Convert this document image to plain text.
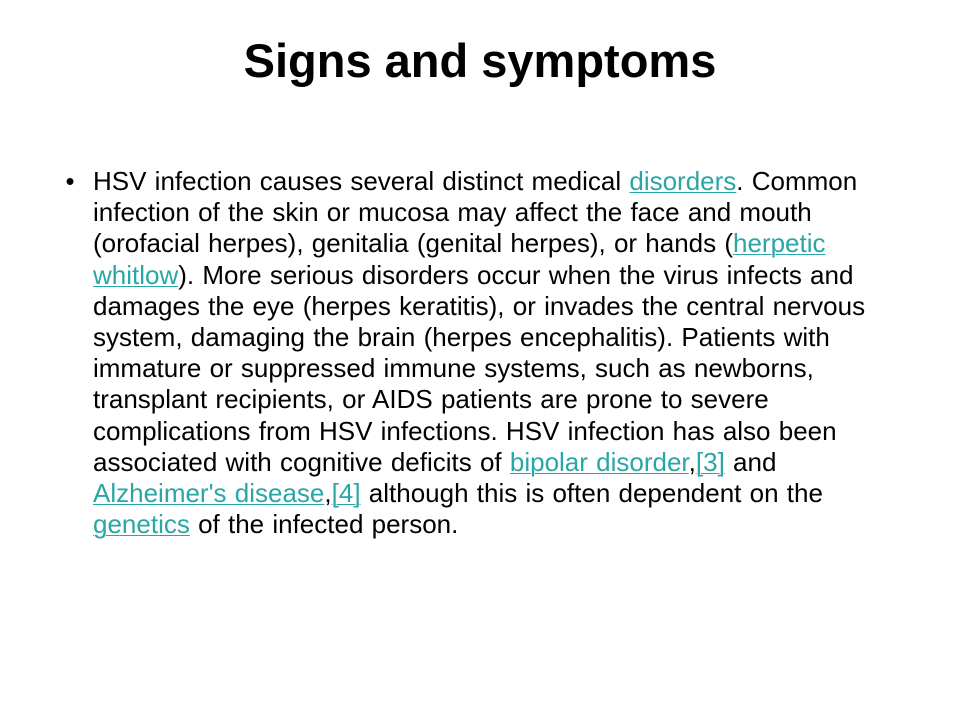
Signs and symptoms
• HSV infection causes several distinct medical disorders. Common infection of the skin or mucosa may affect the face and mouth (orofacial herpes), genitalia (genital herpes), or hands (herpetic whitlow). More serious disorders occur when the virus infects and damages the eye (herpes keratitis), or invades the central nervous system, damaging the brain (herpes encephalitis). Patients with immature or suppressed immune systems, such as newborns, transplant recipients, or AIDS patients are prone to severe complications from HSV infections. HSV infection has also been associated with cognitive deficits of bipolar disorder,[3] and Alzheimer's disease,[4] although this is often dependent on the genetics of the infected person.
